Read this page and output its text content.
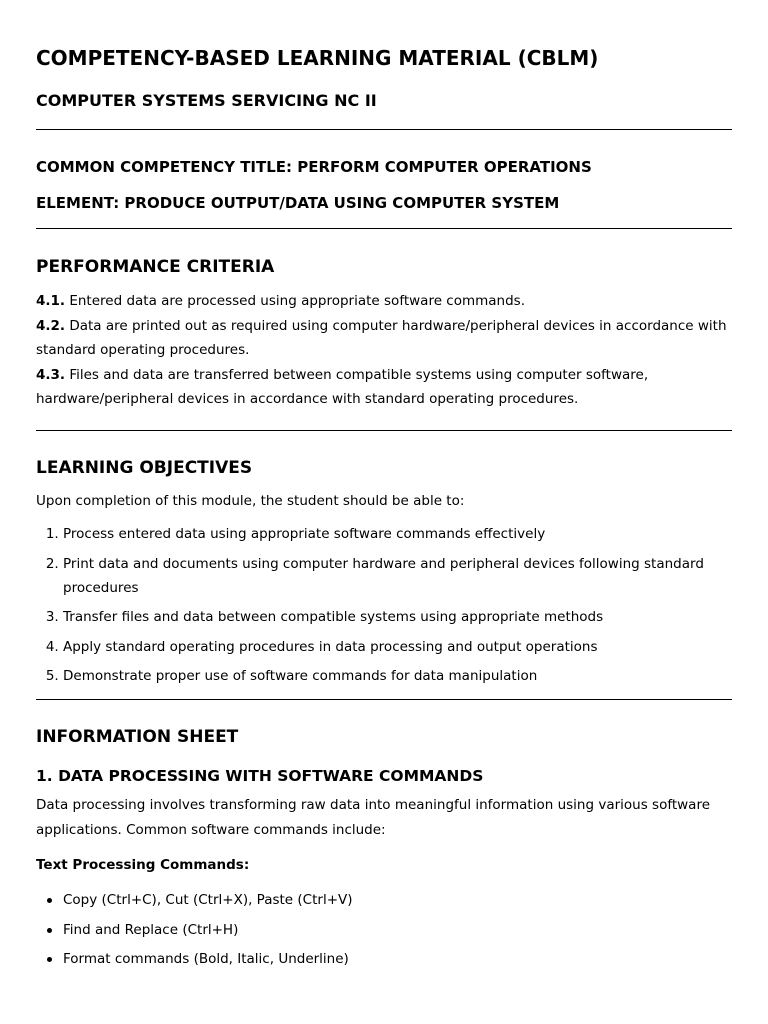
COMPETENCY-BASED LEARNING MATERIAL (CBLM)
COMPUTER SYSTEMS SERVICING NC II

COMMON COMPETENCY TITLE: PERFORM COMPUTER OPERATIONS

ELEMENT: PRODUCE OUTPUT/DATA USING COMPUTER SYSTEM

PERFORMANCE CRITERIA

4.1. Entered data are processed using appropriate software commands.

4.2. Data are printed out as required using computer hardware/peripheral devices in accordance with standard operating procedures.

4.3. Files and data are transferred between compatible systems using computer software, hardware/peripheral devices in accordance with standard operating procedures.

LEARNING OBJECTIVES

Upon completion of this module, the student should be able to:

1. Process entered data using appropriate software commands effectively
2. Print data and documents using computer hardware and peripheral devices following standard procedures
3. Transfer files and data between compatible systems using appropriate methods
4. Apply standard operating procedures in data processing and output operations
5. Demonstrate proper use of software commands for data manipulation

INFORMATION SHEET

1. DATA PROCESSING WITH SOFTWARE COMMANDS

Data processing involves transforming raw data into meaningful information using various software applications. Common software commands include:

Text Processing Commands:

Copy (Ctrl+C), Cut (Ctrl+X), Paste (Ctrl+V)
Find and Replace (Ctrl+H)
Format commands (Bold, Italic, Underline)
